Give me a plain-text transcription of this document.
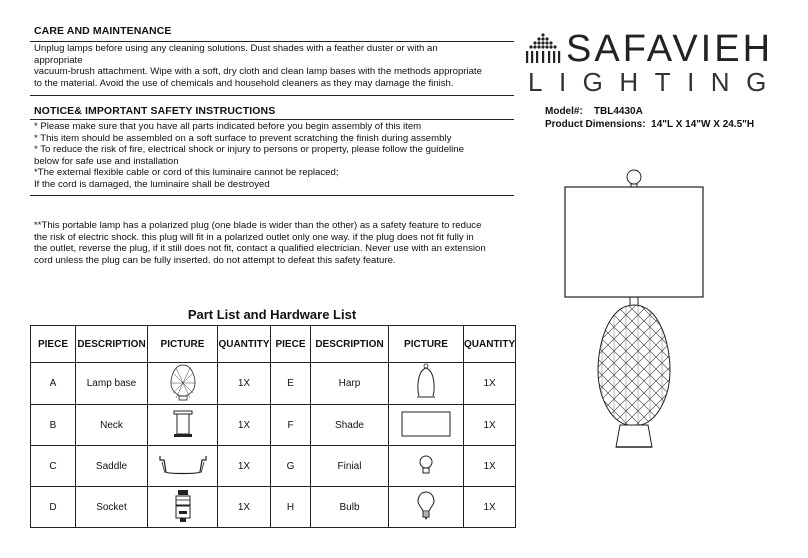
CARE AND MAINTENANCE
Unplug lamps before using any cleaning solutions. Dust shades with a feather duster or with an
appropriate
vacuum-brush attachment. Wipe with a soft, dry cloth and clean lamp bases with the methods appropriate
to the material. Avoid the use of chemicals and household cleaners as they may damage the finish.
NOTICE& IMPORTANT SAFETY INSTRUCTIONS
* Please make sure that you have all parts indicated before you begin assembly of this item
* This item should be assembled on a soft surface to prevent scratching the finish during assembly
* To reduce the risk of fire, electrical shock or injury to persons or property, please follow the guideline
below for safe use and installation
*The external flexible cable or cord of this luminaire cannot be replaced;
If the cord is damaged, the luminaire shall be destroyed
**This portable lamp has a polarized plug (one blade is wider than the other) as a safety feature to reduce
the risk of electric shock. this plug will fit in a polarized outlet only one way. if the plug does not fit fully in
the outlet, reverse the plug, if it still does not fit, contact a qualified electrician. Never use with an extension
cord unless the plug can be fully inserted. do not attempt to defeat this safety feature.
SAFAVIEH
LIGHTING
Model#: TBL4430A
Product Dimensions: 14"L X 14"W X 24.5"H
Part List and Hardware List
PIECE	DESCRIPTION	PICTURE	QUANTITY	PIECE	DESCRIPTION	PICTURE	QUANTITY
A	Lamp base		1X	E	Harp		1X
B	Neck		1X	F	Shade		1X
C	Saddle		1X	G	Finial		1X
D	Socket		1X	H	Bulb		1X
